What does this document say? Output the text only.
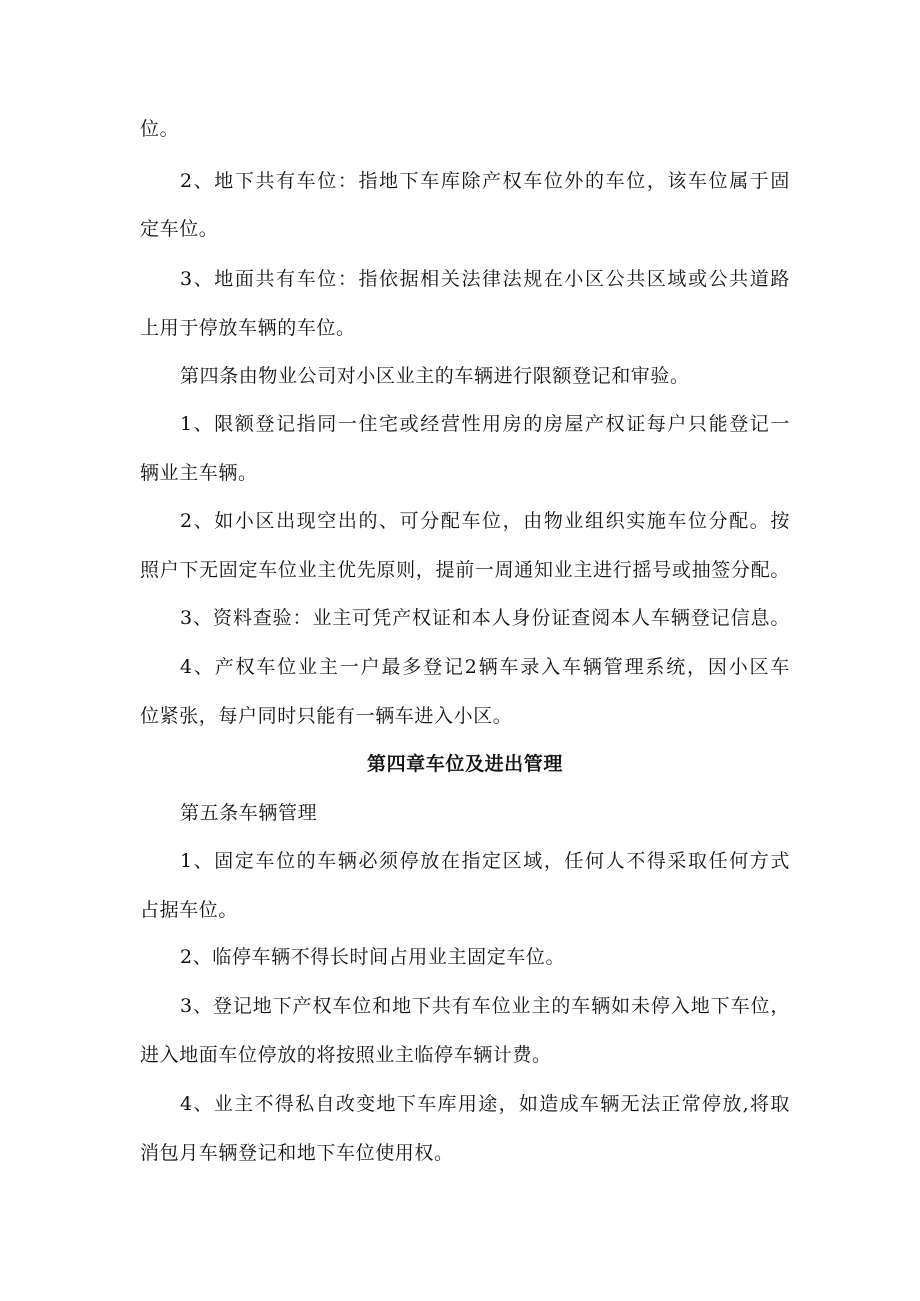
位。
2、地下共有车位：指地下车库除产权车位外的车位，该车位属于固
定车位。
3、地面共有车位：指依据相关法律法规在小区公共区域或公共道路
上用于停放车辆的车位。
第四条由物业公司对小区业主的车辆进行限额登记和审验。
1、限额登记指同一住宅或经营性用房的房屋产权证每户只能登记一
辆业主车辆。
2、如小区出现空出的、可分配车位，由物业组织实施车位分配。按
照户下无固定车位业主优先原则，提前一周通知业主进行摇号或抽签分配。
3、资料查验：业主可凭产权证和本人身份证查阅本人车辆登记信息。
4、产权车位业主一户最多登记2辆车录入车辆管理系统，因小区车
位紧张，每户同时只能有一辆车进入小区。
第四章车位及进出管理
第五条车辆管理
1、固定车位的车辆必须停放在指定区域，任何人不得采取任何方式
占据车位。
2、临停车辆不得长时间占用业主固定车位。
3、登记地下产权车位和地下共有车位业主的车辆如未停入地下车位，
进入地面车位停放的将按照业主临停车辆计费。
4、业主不得私自改变地下车库用途，如造成车辆无法正常停放,将取
消包月车辆登记和地下车位使用权。
